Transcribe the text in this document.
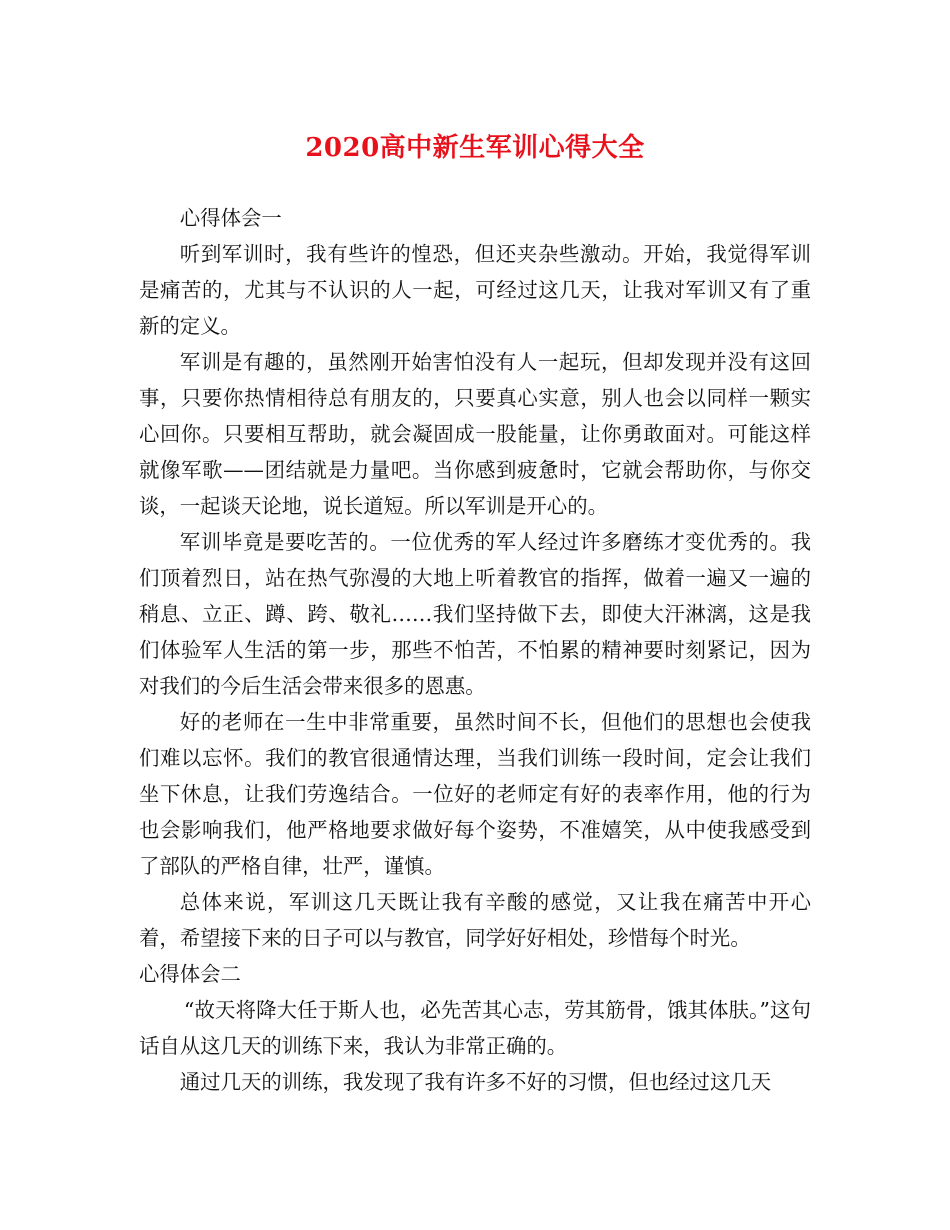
2020高中新生军训心得大全

心得体会一

听到军训时，我有些许的惶恐，但还夹杂些激动。开始，我觉得军训是痛苦的，尤其与不认识的人一起，可经过这几天，让我对军训又有了重新的定义。

军训是有趣的，虽然刚开始害怕没有人一起玩，但却发现并没有这回事，只要你热情相待总有朋友的，只要真心实意，别人也会以同样一颗实心回你。只要相互帮助，就会凝固成一股能量，让你勇敢面对。可能这样就像军歌——团结就是力量吧。当你感到疲惫时，它就会帮助你，与你交谈，一起谈天论地，说长道短。所以军训是开心的。

军训毕竟是要吃苦的。一位优秀的军人经过许多磨练才变优秀的。我们顶着烈日，站在热气弥漫的大地上听着教官的指挥，做着一遍又一遍的稍息、立正、蹲、跨、敬礼……我们坚持做下去，即使大汗淋漓，这是我们体验军人生活的第一步，那些不怕苦，不怕累的精神要时刻紧记，因为对我们的今后生活会带来很多的恩惠。

好的老师在一生中非常重要，虽然时间不长，但他们的思想也会使我们难以忘怀。我们的教官很通情达理，当我们训练一段时间，定会让我们坐下休息，让我们劳逸结合。一位好的老师定有好的表率作用，他的行为也会影响我们，他严格地要求做好每个姿势，不准嬉笑，从中使我感受到了部队的严格自律，壮严，谨慎。

总体来说，军训这几天既让我有辛酸的感觉，又让我在痛苦中开心着，希望接下来的日子可以与教官，同学好好相处，珍惜每个时光。

心得体会二

“故天将降大任于斯人也，必先苦其心志，劳其筋骨，饿其体肤。”这句话自从这几天的训练下来，我认为非常正确的。

通过几天的训练，我发现了我有许多不好的习惯，但也经过这几天
